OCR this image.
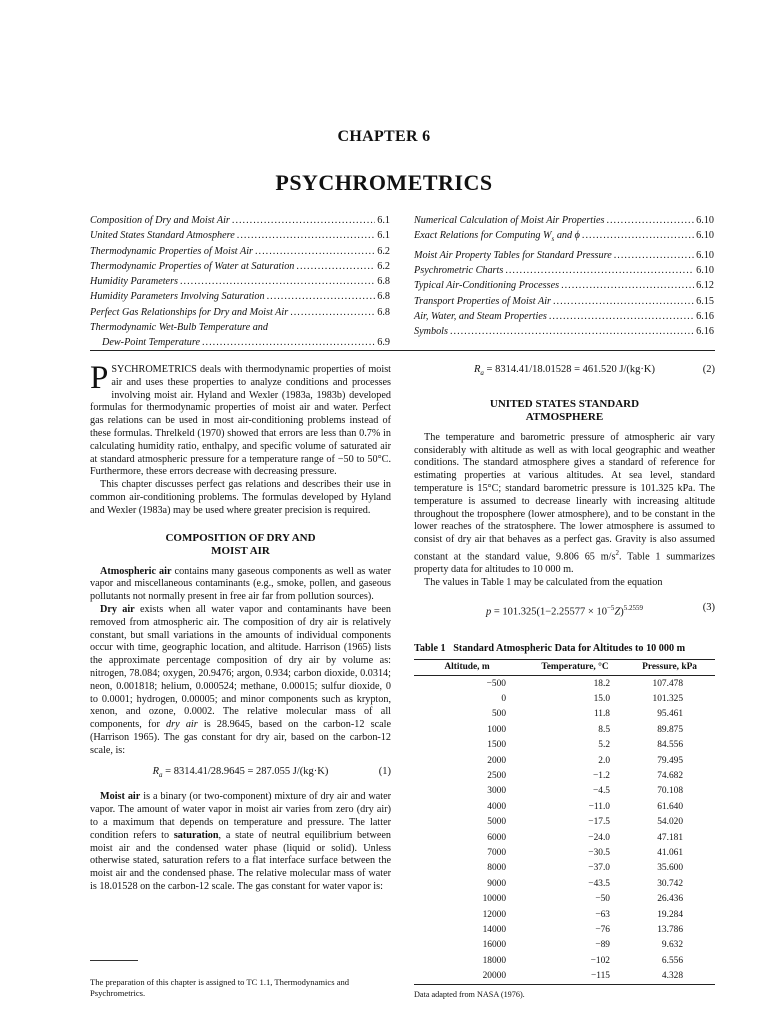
CHAPTER 6
PSYCHROMETRICS
Composition of Dry and Moist Air .....	6.1
United States Standard Atmosphere .....	6.1
Thermodynamic Properties of Moist Air .....	6.2
Thermodynamic Properties of Water at Saturation .....	6.2
Humidity Parameters .....	6.8
Humidity Parameters Involving Saturation .....	6.8
Perfect Gas Relationships for Dry and Moist Air .....	6.8
Thermodynamic Wet-Bulb Temperature and
Dew-Point Temperature .....	6.9
Numerical Calculation of Moist Air Properties .....	6.10
Exact Relations for Computing $W_s$ and ϕ .....	6.10
Moist Air Property Tables for Standard Pressure .....	6.10
Psychrometric Charts .....	6.10
Typical Air-Conditioning Processes .....	6.12
Transport Properties of Moist Air .....	6.15
Air, Water, and Steam Properties .....	6.16
Symbols .....	6.16

PSYCHROMETRICS deals with thermodynamic properties of moist air and uses these properties to analyze conditions and processes involving moist air. Hyland and Wexler (1983a, 1983b) developed formulas for thermodynamic properties of moist air and water. Perfect gas relations can be used in most air-conditioning problems instead of these formulas. Threlkeld (1970) showed that errors are less than 0.7% in calculating humidity ratio, enthalpy, and specific volume of saturated air at standard atmospheric pressure for a temperature range of −50 to 50°C. Furthermore, these errors decrease with decreasing pressure.

This chapter discusses perfect gas relations and describes their use in common air-conditioning problems. The formulas developed by Hyland and Wexler (1983a) may be used where greater precision is required.

COMPOSITION OF DRY AND
MOIST AIR

Atmospheric air contains many gaseous components as well as water vapor and miscellaneous contaminants (e.g., smoke, pollen, and gaseous pollutants not normally present in free air far from pollution sources).

Dry air exists when all water vapor and contaminants have been removed from atmospheric air. The composition of dry air is relatively constant, but small variations in the amounts of individual components occur with time, geographic location, and altitude. Harrison (1965) lists the approximate percentage composition of dry air by volume as: nitrogen, 78.084; oxygen, 20.9476; argon, 0.934; carbon dioxide, 0.0314; neon, 0.001818; helium, 0.000524; methane, 0.00015; sulfur dioxide, 0 to 0.0001; hydrogen, 0.00005; and minor components such as krypton, xenon, and ozone, 0.0002. The relative molecular mass of all components, for dry air is 28.9645, based on the carbon-12 scale (Harrison 1965). The gas constant for dry air, based on the carbon-12 scale, is:

$R_a = 8314.41/28.9645 = 287.055$ J/(kg·K)	(1)

Moist air is a binary (or two-component) mixture of dry air and water vapor. The amount of water vapor in moist air varies from zero (dry air) to a maximum that depends on temperature and pressure. The latter condition refers to saturation, a state of neutral equilibrium between moist air and the condensed water phase (liquid or solid). Unless otherwise stated, saturation refers to a flat interface surface between the moist air and the condensed phase. The relative molecular mass of water is 18.01528 on the carbon-12 scale. The gas constant for water vapor is:

The preparation of this chapter is assigned to TC 1.1, Thermodynamics and Psychrometrics.
$R_a = 8314.41/18.01528 = 461.520$ J/(kg·K)	(2)
UNITED STATES STANDARD
ATMOSPHERE

The temperature and barometric pressure of atmospheric air vary considerably with altitude as well as with local geographic and weather conditions. The standard atmosphere gives a standard of reference for estimating properties at various altitudes. At sea level, standard temperature is 15°C; standard barometric pressure is 101.325 kPa. The temperature is assumed to decrease linearly with increasing altitude throughout the troposphere (lower atmosphere), and to be constant in the lower reaches of the stratosphere. The lower atmosphere is assumed to consist of dry air that behaves as a perfect gas. Gravity is also assumed constant at the standard value, 9.806 65 $m/s^2$. Table 1 summarizes property data for altitudes to 10 000 m.

The values in Table 1 may be calculated from the equation

$p = 101.325(1-2.25577 \times 10^{-5}Z)^{5.2559}$	(3)
Table 1 Standard Atmospheric Data for Altitudes to 10 000 m
Altitude, m	Temperature, °C	Pressure, kPa
−500	18.2	107.478
0	15.0	101.325
500	11.8	95.461
1000	8.5	89.875
1500	5.2	84.556
2000	2.0	79.495
2500	−1.2	74.682
3000	−4.5	70.108
4000	−11.0	61.640
5000	−17.5	54.020
6000	−24.0	47.181
7000	−30.5	41.061
8000	−37.0	35.600
9000	−43.5	30.742
10000	−50	26.436
12000	−63	19.284
14000	−76	13.786
16000	−89	9.632
18000	−102	6.556
20000	−115	4.328
Data adapted from NASA (1976).
